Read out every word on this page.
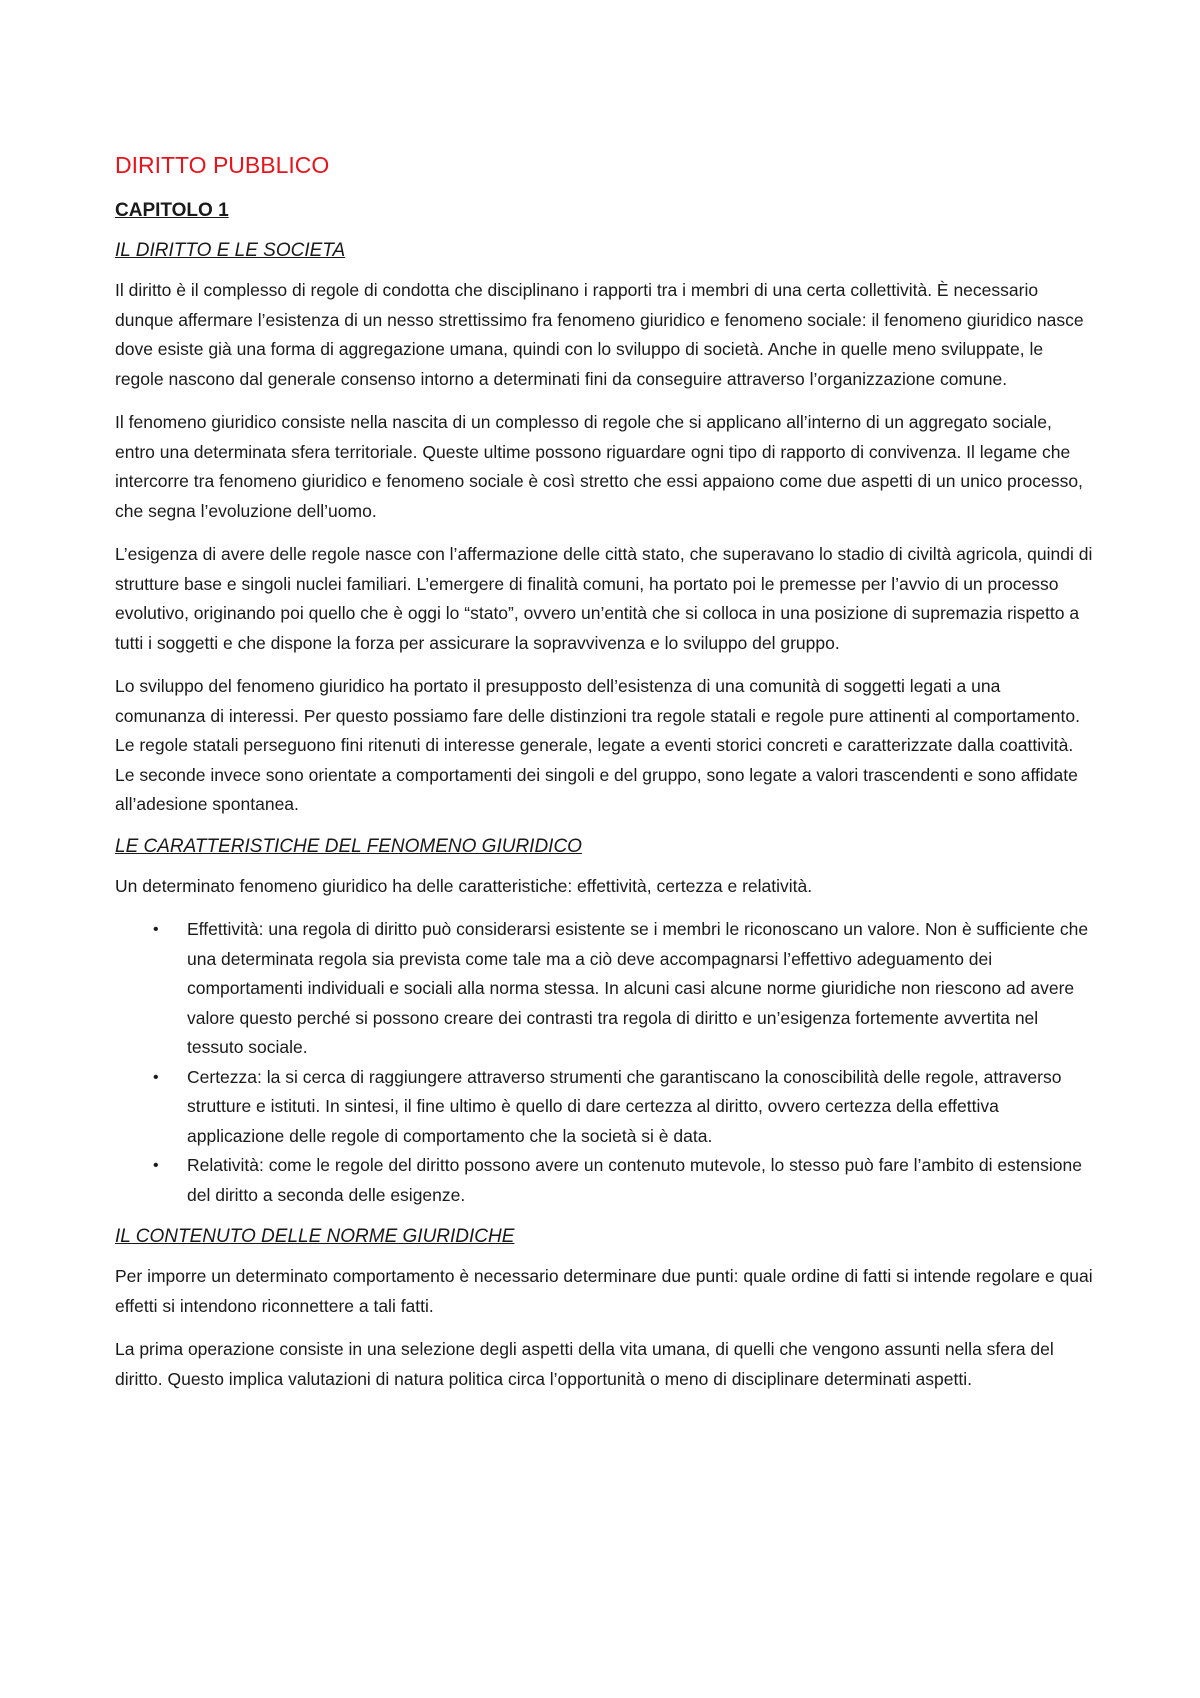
DIRITTO PUBBLICO
CAPITOLO 1
IL DIRITTO E LE SOCIETA

Il diritto è il complesso di regole di condotta che disciplinano i rapporti tra i membri di una certa collettività. È necessario dunque affermare l’esistenza di un nesso strettissimo fra fenomeno giuridico e fenomeno sociale: il fenomeno giuridico nasce dove esiste già una forma di aggregazione umana, quindi con lo sviluppo di società. Anche in quelle meno sviluppate, le regole nascono dal generale consenso intorno a determinati fini da conseguire attraverso l’organizzazione comune.

Il fenomeno giuridico consiste nella nascita di un complesso di regole che si applicano all’interno di un aggregato sociale, entro una determinata sfera territoriale. Queste ultime possono riguardare ogni tipo di rapporto di convivenza. Il legame che intercorre tra fenomeno giuridico e fenomeno sociale è così stretto che essi appaiono come due aspetti di un unico processo, che segna l’evoluzione dell’uomo.

L’esigenza di avere delle regole nasce con l’affermazione delle città stato, che superavano lo stadio di civiltà agricola, quindi di strutture base e singoli nuclei familiari. L’emergere di finalità comuni, ha portato poi le premesse per l’avvio di un processo evolutivo, originando poi quello che è oggi lo “stato”, ovvero un’entità che si colloca in una posizione di supremazia rispetto a tutti i soggetti e che dispone la forza per assicurare la sopravvivenza e lo sviluppo del gruppo.

Lo sviluppo del fenomeno giuridico ha portato il presupposto dell’esistenza di una comunità di soggetti legati a una comunanza di interessi. Per questo possiamo fare delle distinzioni tra regole statali e regole pure attinenti al comportamento. Le regole statali perseguono fini ritenuti di interesse generale, legate a eventi storici concreti e caratterizzate dalla coattività. Le seconde invece sono orientate a comportamenti dei singoli e del gruppo, sono legate a valori trascendenti e sono affidate all’adesione spontanea.

LE CARATTERISTICHE DEL FENOMENO GIURIDICO

Un determinato fenomeno giuridico ha delle caratteristiche: effettività, certezza e relatività.

• Effettività: una regola di diritto può considerarsi esistente se i membri le riconoscano un valore. Non è sufficiente che una determinata regola sia prevista come tale ma a ciò deve accompagnarsi l’effettivo adeguamento dei comportamenti individuali e sociali alla norma stessa. In alcuni casi alcune norme giuridiche non riescono ad avere valore questo perché si possono creare dei contrasti tra regola di diritto e un’esigenza fortemente avvertita nel tessuto sociale.
• Certezza: la si cerca di raggiungere attraverso strumenti che garantiscano la conoscibilità delle regole, attraverso strutture e istituti. In sintesi, il fine ultimo è quello di dare certezza al diritto, ovvero certezza della effettiva applicazione delle regole di comportamento che la società si è data.
• Relatività: come le regole del diritto possono avere un contenuto mutevole, lo stesso può fare l’ambito di estensione del diritto a seconda delle esigenze.
IL CONTENUTO DELLE NORME GIURIDICHE

Per imporre un determinato comportamento è necessario determinare due punti: quale ordine di fatti si intende regolare e quai effetti si intendono riconnettere a tali fatti.

La prima operazione consiste in una selezione degli aspetti della vita umana, di quelli che vengono assunti nella sfera del diritto. Questo implica valutazioni di natura politica circa l’opportunità o meno di disciplinare determinati aspetti.
